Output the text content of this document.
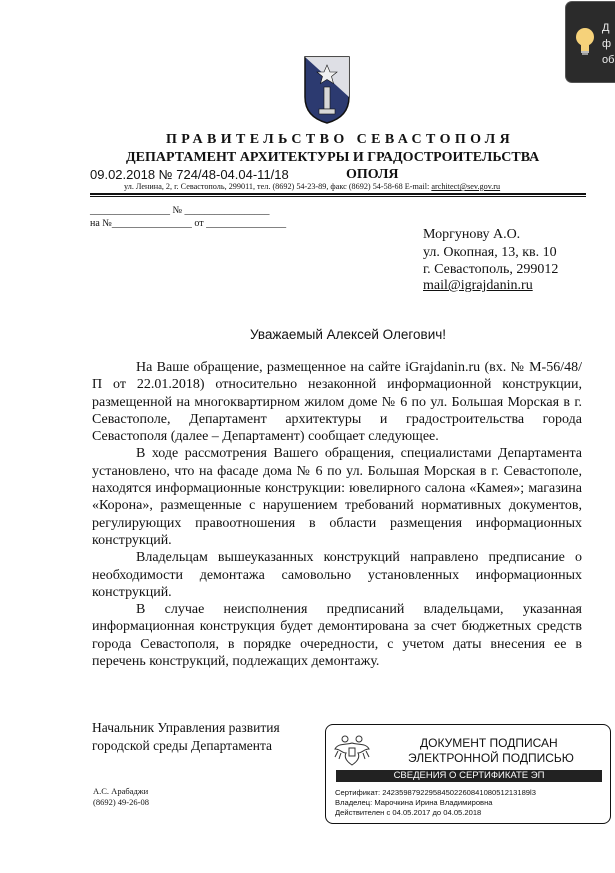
Д
ф
об
ПРАВИТЕЛЬСТВО СЕВАСТОПОЛЯ
ДЕПАРТАМЕНТ АРХИТЕКТУРЫ И ГРАДОСТРОИТЕЛЬСТВА
09.02.2018 № 724/48-04.04-11/18	ОПОЛЯ
ул. Ленина, 2, г. Севастополь, 299011, тел. (8692) 54-23-89, факс (8692) 54-58-68 E-mail: architect@sev.gov.ru
________________ № _________________
на №________________ от ________________
Моргунову А.О.
ул. Окопная, 13, кв. 10
г. Севастополь, 299012
mail@igrajdanin.ru
Уважаемый Алексей Олегович!

На Ваше обращение, размещенное на сайте iGrajdanin.ru (вх. № М-56/48/П от 22.01.2018) относительно незаконной информационной конструкции, размещенной на многоквартирном жилом доме № 6 по ул. Большая Морская в г. Севастополе, Департамент архитектуры и градостроительства города Севастополя (далее – Департамент) сообщает следующее.

В ходе рассмотрения Вашего обращения, специалистами Департамента установлено, что на фасаде дома № 6 по ул. Большая Морская в г. Севастополе, находятся информационные конструкции: ювелирного салона «Камея»; магазина «Корона», размещенные с нарушением требований нормативных документов, регулирующих правоотношения в области размещения информационных конструкций.

Владельцам вышеуказанных конструкций направлено предписание о необходимости демонтажа самовольно установленных информационных конструкций.

В случае неисполнения предписаний владельцами, указанная информационная конструкция будет демонтирована за счет бюджетных средств города Севастополя, в порядке очередности, с учетом даты внесения ее в перечень конструкций, подлежащих демонтажу.

Начальник Управления развития
городской среды Департамента
А.С. Арабаджи
(8692) 49-26-08
ДОКУМЕНТ ПОДПИСАН
ЭЛЕКТРОННОЙ ПОДПИСЬЮ
СВЕДЕНИЯ О СЕРТИФИКАТЕ ЭП
Сертификат: 24235987922958450226084108051213189l3
Владелец: Марочкина Ирина Владимировна
Действителен с 04.05.2017 до 04.05.2018
